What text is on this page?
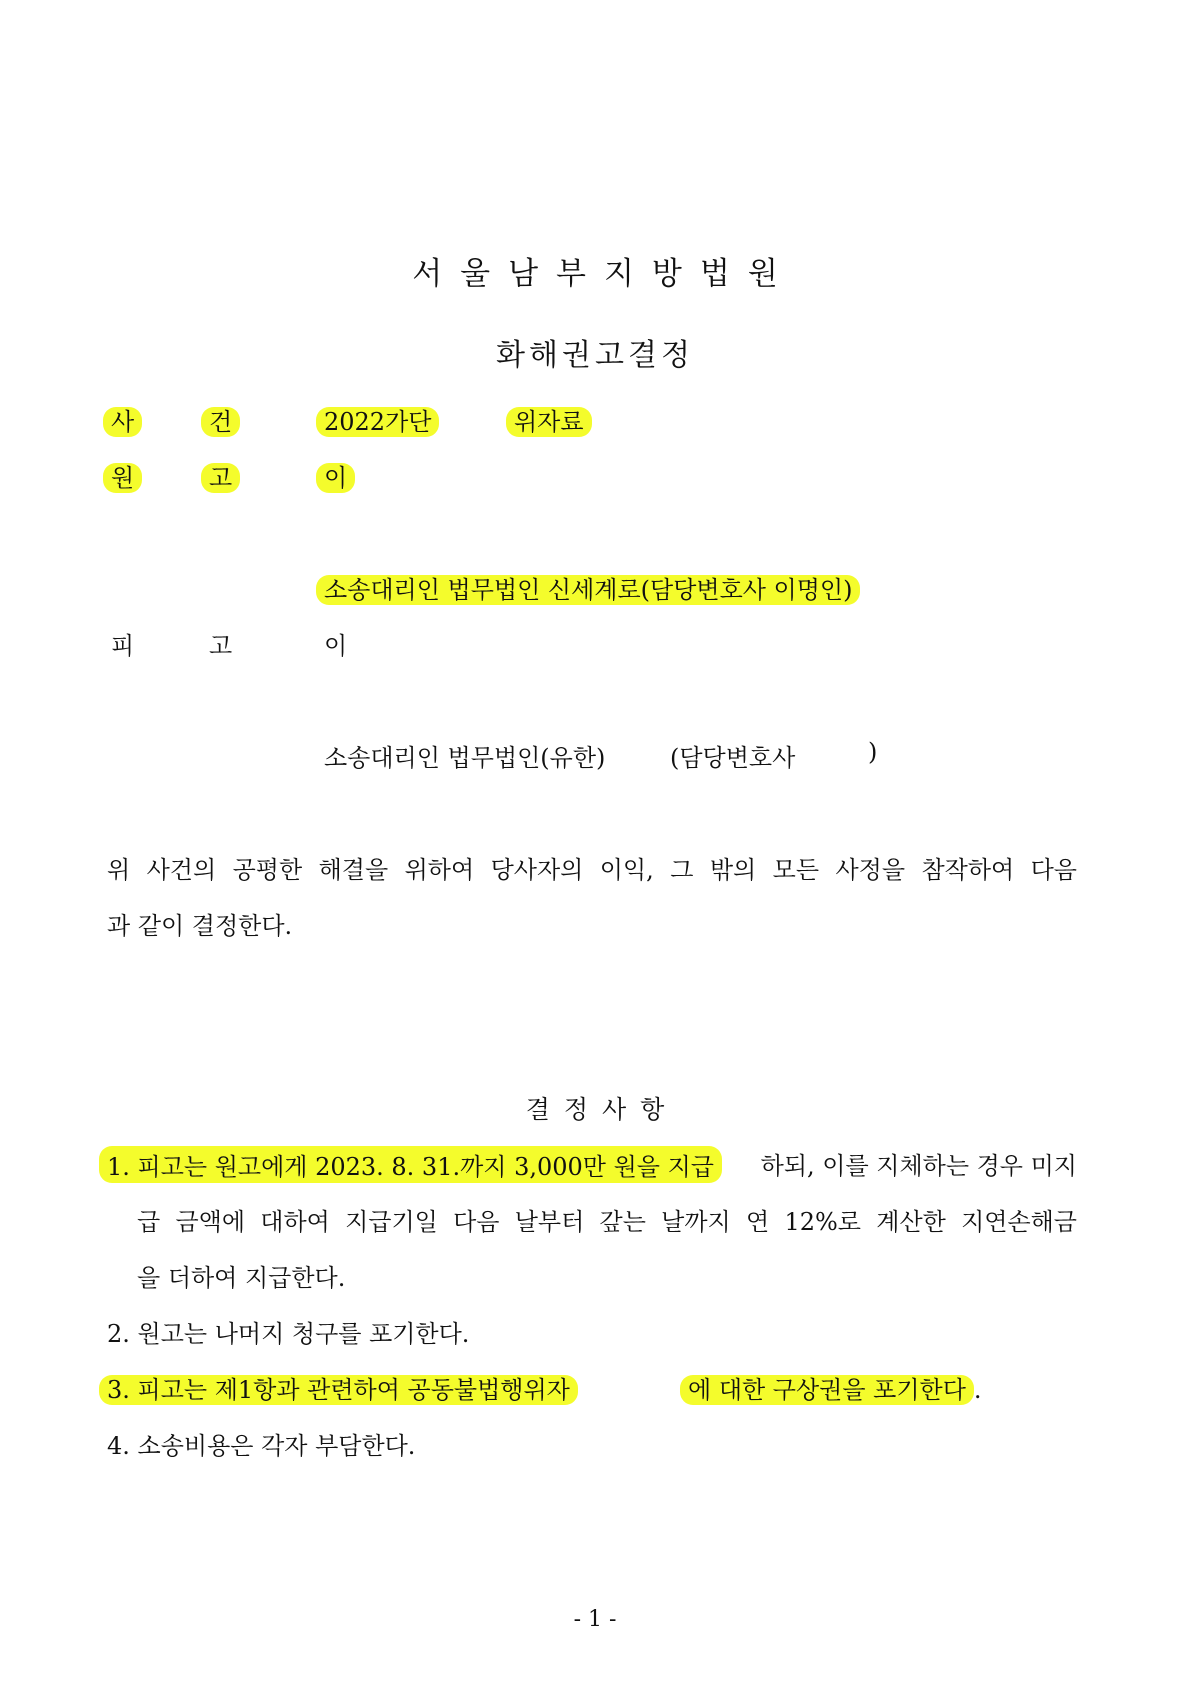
서울남부지방법원
화해권고결정
사	건	2022가단	위자료
원	고	이
소송대리인 법무법인 신세계로(담당변호사 이명인)
피	고	이
소송대리인 법무법인(유한)	(담당변호사	)
위 사건의 공평한 해결을 위하여 당사자의 이익, 그 밖의 모든 사정을 참작하여 다음
과 같이 결정한다.
결정사항
1. 피고는 원고에게 2023. 8. 31.까지 3,000만 원을 지급	하되, 이를 지체하는 경우 미지
급 금액에 대하여 지급기일 다음 날부터 갚는 날까지 연 12%로 계산한 지연손해금
을 더하여 지급한다.
2. 원고는 나머지 청구를 포기한다.
3. 피고는 제1항과 관련하여 공동불법행위자	에 대한 구상권을 포기한다 .
4. 소송비용은 각자 부담한다.
- 1 -
